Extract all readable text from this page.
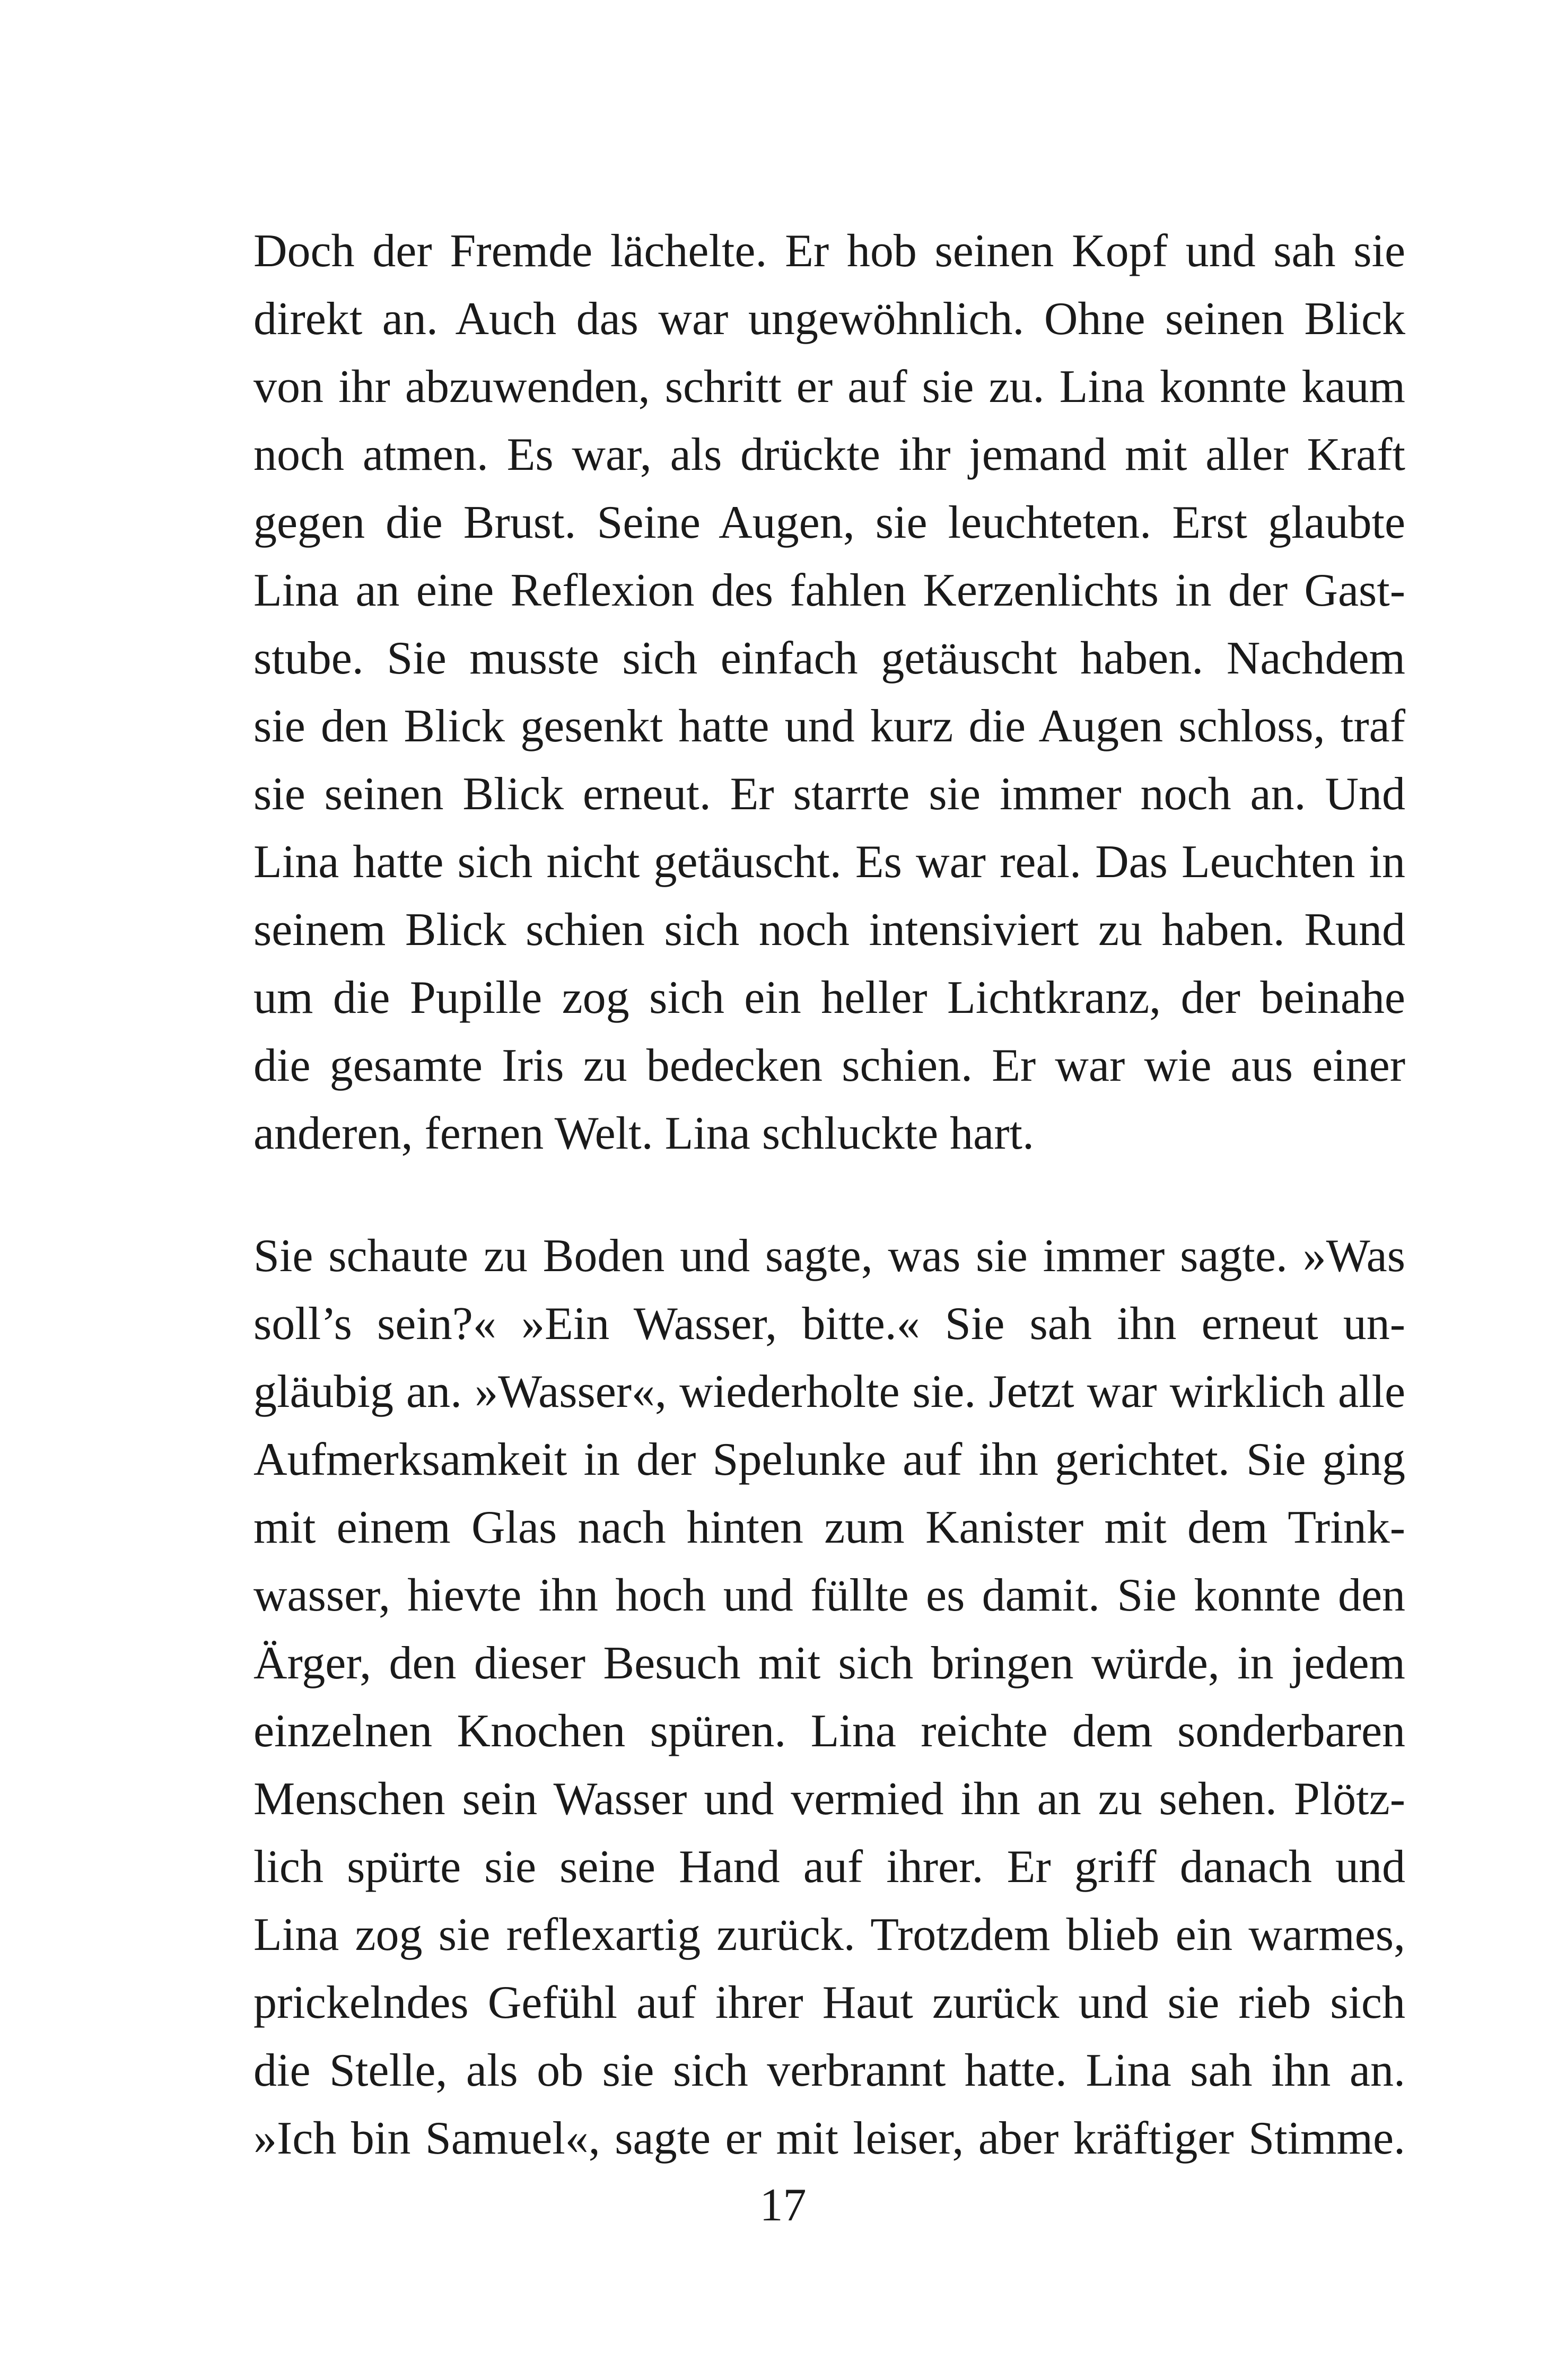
Doch der Fremde lächelte. Er hob seinen Kopf und sah sie
direkt an. Auch das war ungewöhnlich. Ohne seinen Blick
von ihr abzuwenden, schritt er auf sie zu. Lina konnte kaum
noch atmen. Es war, als drückte ihr jemand mit aller Kraft
gegen die Brust. Seine Augen, sie leuchteten. Erst glaubte
Lina an eine Reflexion des fahlen Kerzenlichts in der Gast-
stube. Sie musste sich einfach getäuscht haben. Nachdem
sie den Blick gesenkt hatte und kurz die Augen schloss, traf
sie seinen Blick erneut. Er starrte sie immer noch an. Und
Lina hatte sich nicht getäuscht. Es war real. Das Leuchten in
seinem Blick schien sich noch intensiviert zu haben. Rund
um die Pupille zog sich ein heller Lichtkranz, der beinahe
die gesamte Iris zu bedecken schien. Er war wie aus einer
anderen, fernen Welt. Lina schluckte hart.
Sie schaute zu Boden und sagte, was sie immer sagte. »Was
soll’s sein?« »Ein Wasser, bitte.« Sie sah ihn erneut un-
gläubig an. »Wasser«, wiederholte sie. Jetzt war wirklich alle
Aufmerksamkeit in der Spelunke auf ihn gerichtet. Sie ging
mit einem Glas nach hinten zum Kanister mit dem Trink-
wasser, hievte ihn hoch und füllte es damit. Sie konnte den
Ärger, den dieser Besuch mit sich bringen würde, in jedem
einzelnen Knochen spüren. Lina reichte dem sonderbaren
Menschen sein Wasser und vermied ihn an zu sehen. Plötz-
lich spürte sie seine Hand auf ihrer. Er griff danach und
Lina zog sie reflexartig zurück. Trotzdem blieb ein warmes,
prickelndes Gefühl auf ihrer Haut zurück und sie rieb sich
die Stelle, als ob sie sich verbrannt hatte. Lina sah ihn an.
»Ich bin Samuel«, sagte er mit leiser, aber kräftiger Stimme.
17
